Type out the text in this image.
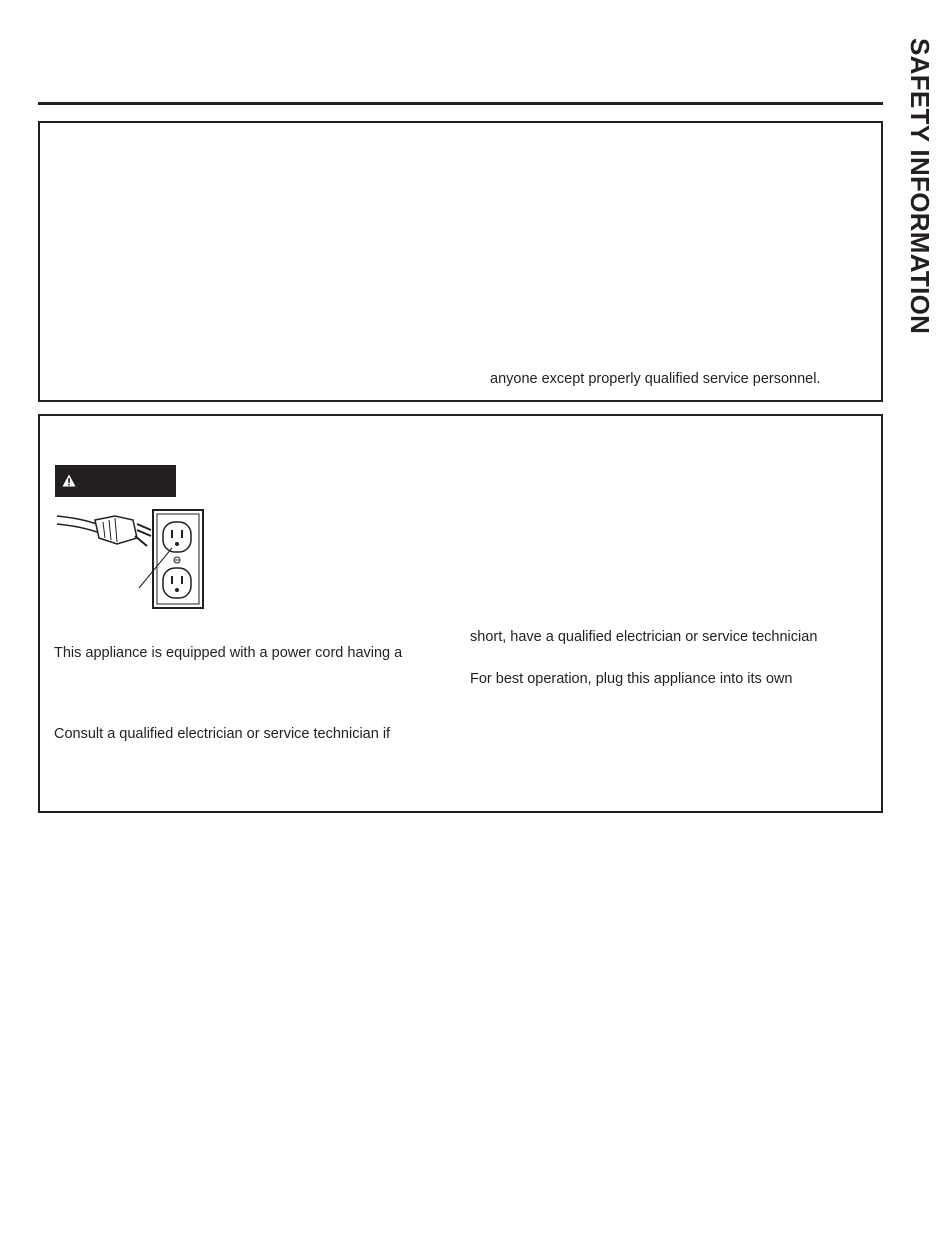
SAFETY INFORMATION
anyone except properly qualified service personnel.
This appliance is equipped with a power cord having a
Consult a qualified electrician or service technician if
short, have a qualified electrician or service technician
For best operation, plug this appliance into its own
